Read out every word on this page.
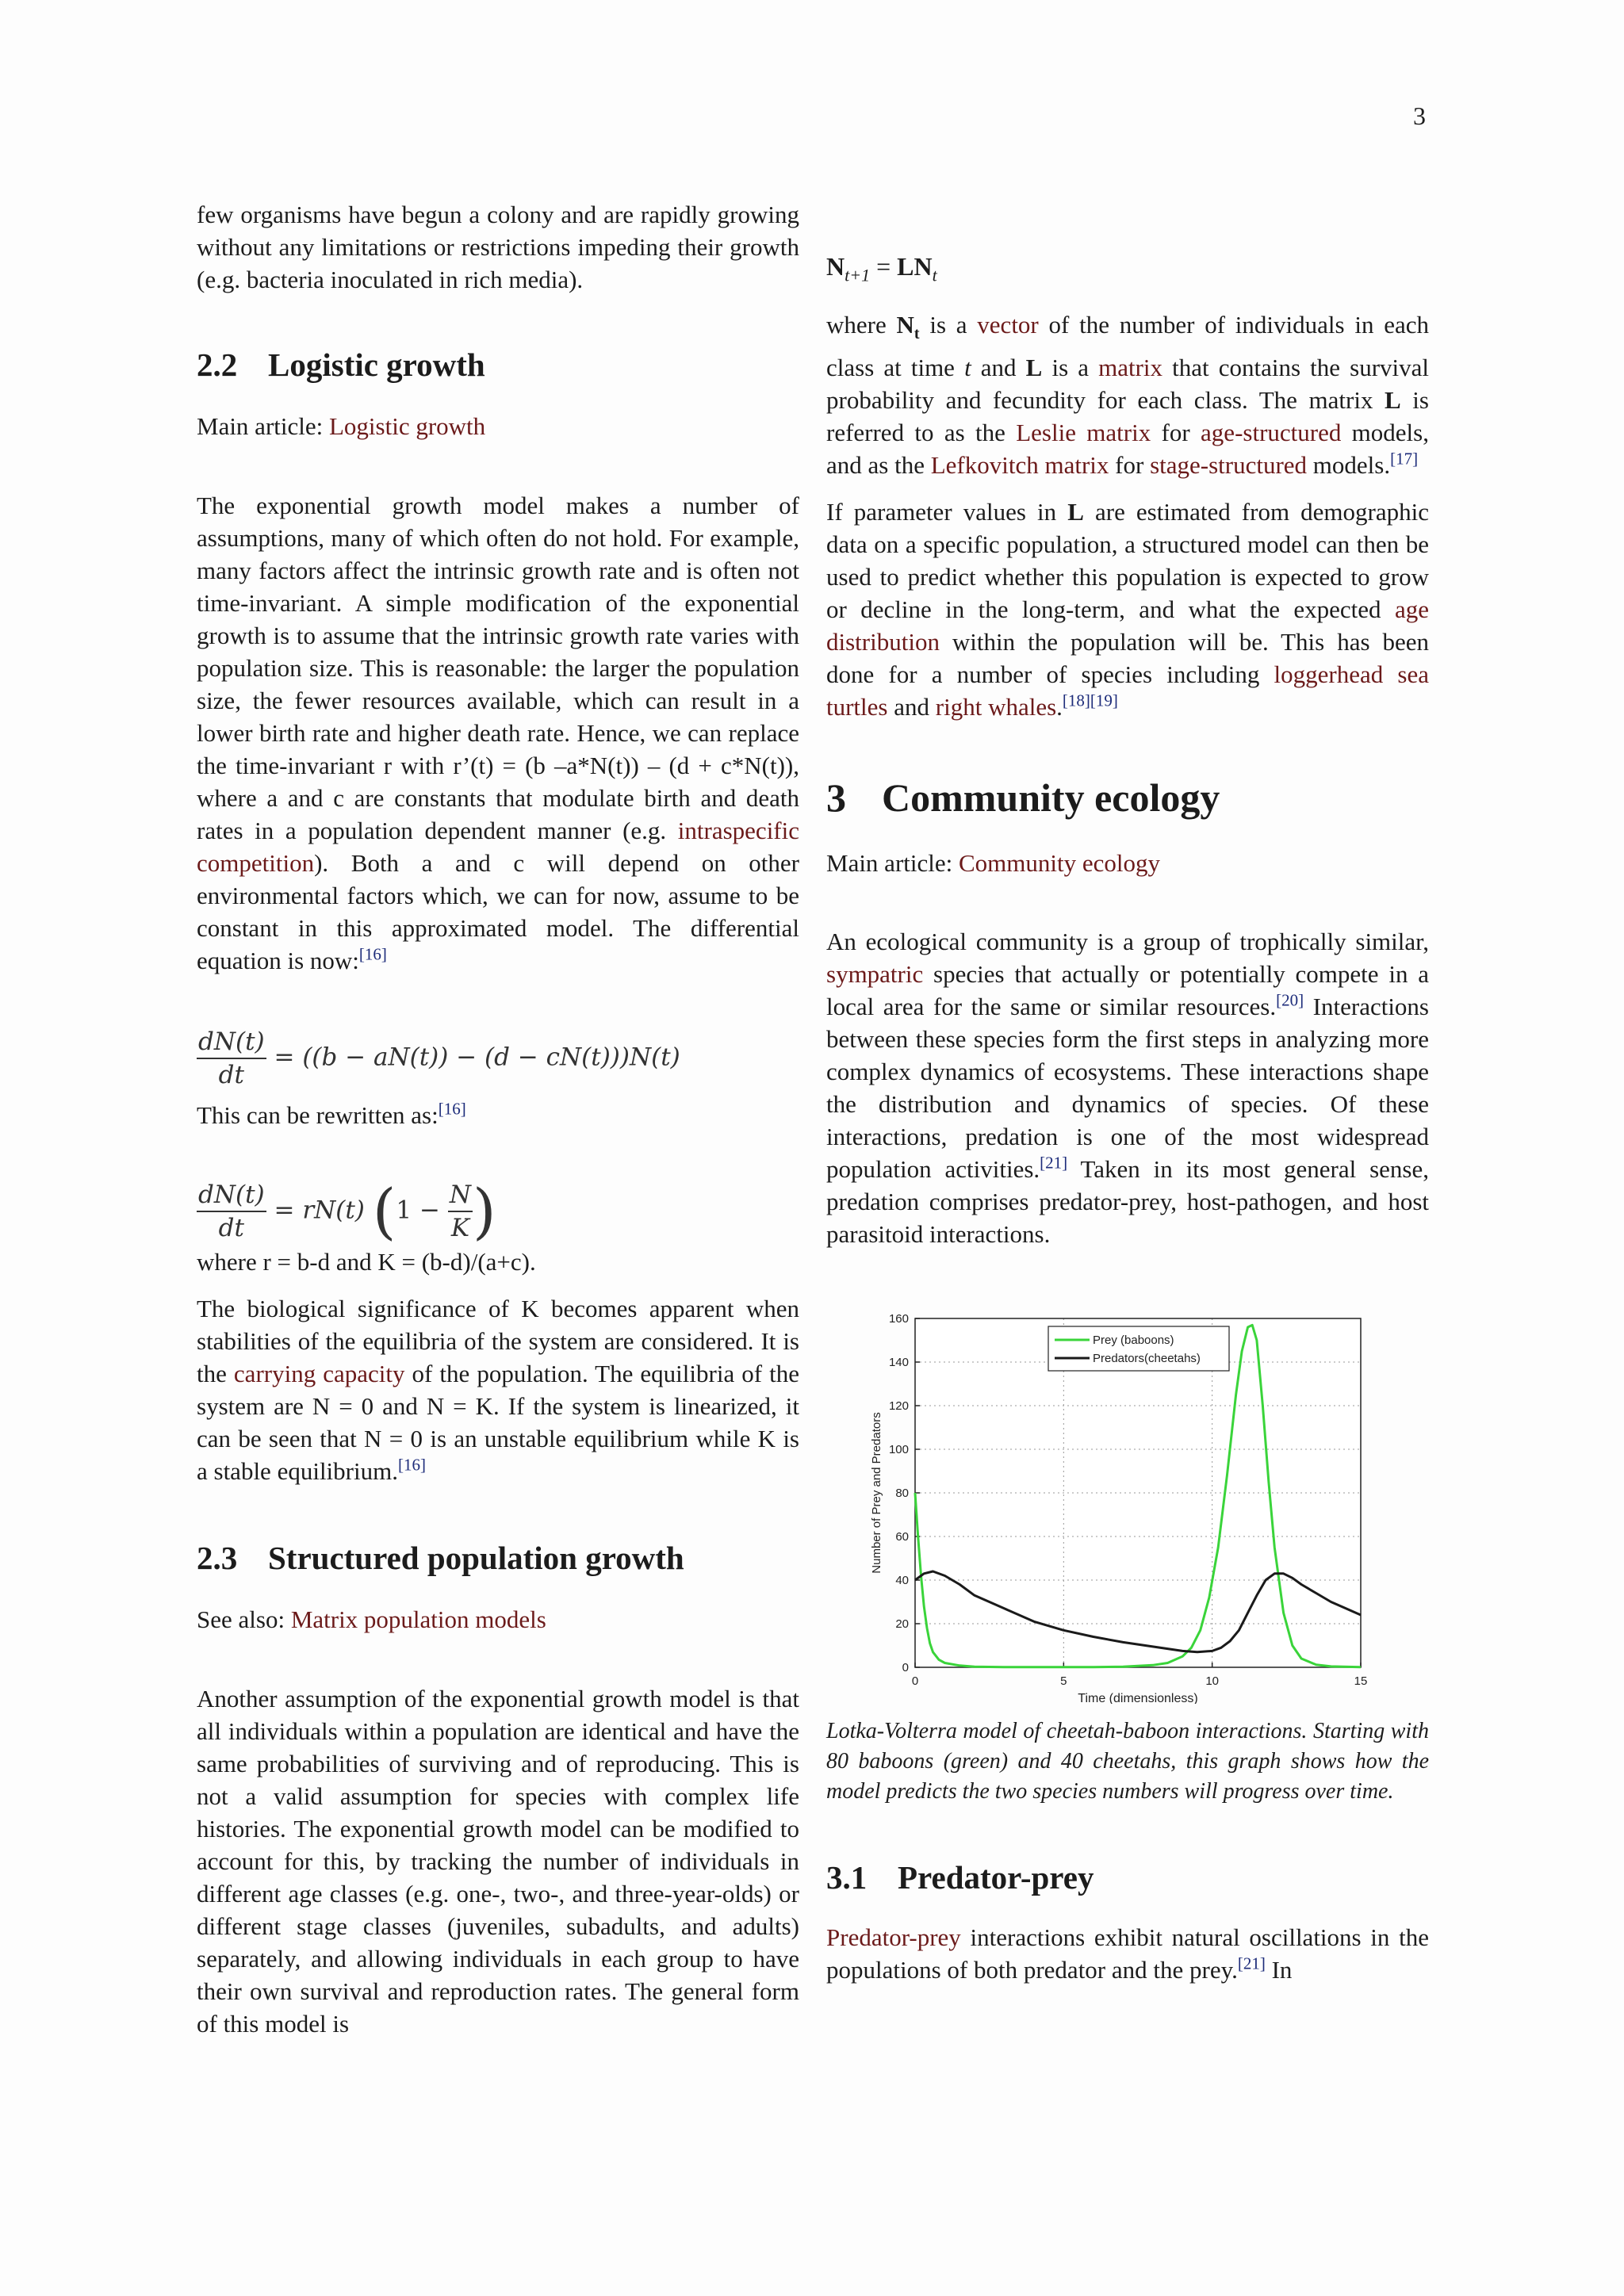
3

few organisms have begun a colony and are rapidly growing without any limitations or restrictions impeding their growth (e.g. bacteria inoculated in rich media).

2.2 Logistic growth

Main article: Logistic growth

The exponential growth model makes a number of assumptions, many of which often do not hold. For example, many factors affect the intrinsic growth rate and is often not time-invariant. A simple modification of the exponential growth is to assume that the intrinsic growth rate varies with population size. This is reasonable: the larger the population size, the fewer resources available, which can result in a lower birth rate and higher death rate. Hence, we can replace the time-invariant r with r’(t) = (b –a*N(t)) – (d + c*N(t)), where a and c are constants that modulate birth and death rates in a population dependent manner (e.g. intraspecific competition). Both a and c will depend on other environmental factors which, we can for now, assume to be constant in this approximated model. The differential equation is now:[16]

$\frac{dN(t)}{dt} = ((b - aN(t)) - (d - cN(t)))N(t)$

This can be rewritten as:[16]

$\frac{dN(t)}{dt} = rN(t) (1 - \frac{N}{K}$ )

where r = b-d and K = (b-d)/(a+c).

The biological significance of K becomes apparent when stabilities of the equilibria of the system are considered. It is the carrying capacity of the population. The equilibria of the system are N = 0 and N = K. If the system is linearized, it can be seen that N = 0 is an unstable equilibrium while K is a stable equilibrium.[16]

2.3 Structured population growth

See also: Matrix population models

Another assumption of the exponential growth model is that all individuals within a population are identical and have the same probabilities of surviving and of reproducing. This is not a valid assumption for species with complex life histories. The exponential growth model can be modified to account for this, by tracking the number of individuals in different age classes (e.g. one-, two-, and three-year-olds) or different stage classes (juveniles, subadults, and adults) separately, and allowing individuals in each group to have their own survival and reproduction rates. The general form of this model is

$N_{t+1} = LN_t$

where $N_t$ is a vector of the number of individuals in each class at time t and L is a matrix that contains the survival probability and fecundity for each class. The matrix L is referred to as the Leslie matrix for age-structured models, and as the Lefkovitch matrix for stage-structured models.[17]

If parameter values in L are estimated from demographic data on a specific population, a structured model can then be used to predict whether this population is expected to grow or decline in the long-term, and what the expected age distribution within the population will be. This has been done for a number of species including loggerhead sea turtles and right whales.[18][19]

3 Community ecology

Main article: Community ecology

An ecological community is a group of trophically similar, sympatric species that actually or potentially compete in a local area for the same or similar resources.[20] Interactions between these species form the first steps in analyzing more complex dynamics of ecosystems. These interactions shape the distribution and dynamics of species. Of these interactions, predation is one of the most widespread population activities.[21] Taken in its most general sense, predation comprises predator-prey, host-pathogen, and host parasitoid interactions.

0
20
40
60
80
100
120
140
160
0	5	10	15
Time (dimensionless)
Number of Prey and Predators
Prey (baboons)
Predators(cheetahs)

Lotka-Volterra model of cheetah-baboon interactions. Starting with 80 baboons (green) and 40 cheetahs, this graph shows how the model predicts the two species numbers will progress over time.

3.1 Predator-prey

Predator-prey interactions exhibit natural oscillations in the populations of both predator and the prey.[21] In
